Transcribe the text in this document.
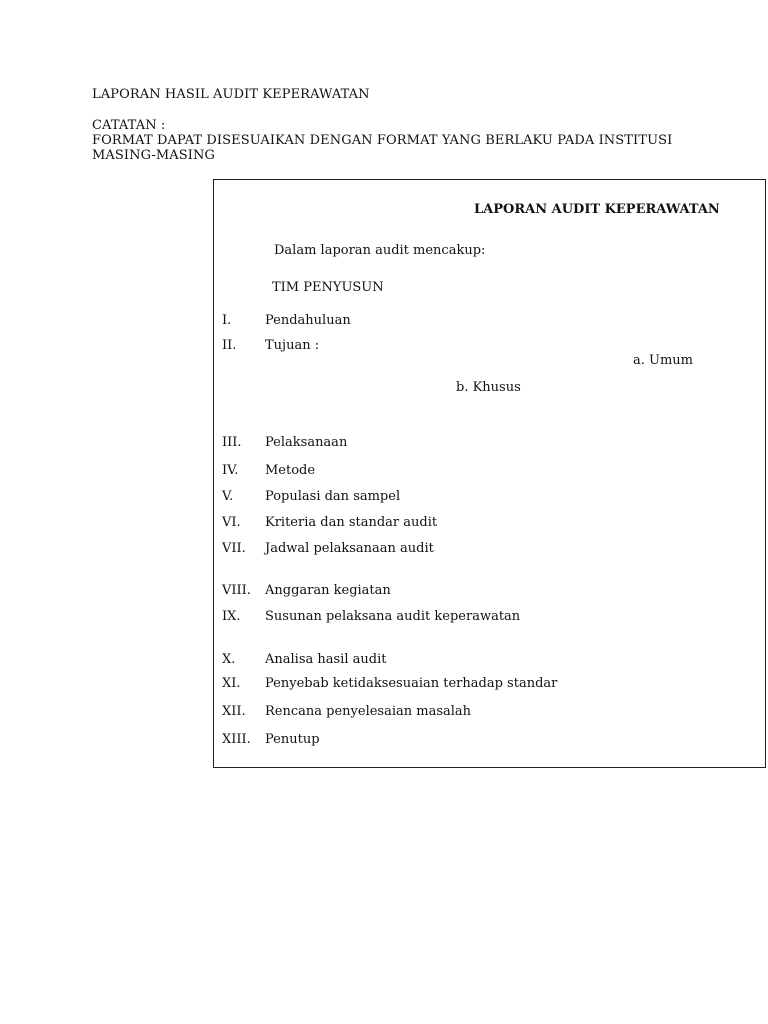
LAPORAN HASIL AUDIT KEPERAWATAN
CATATAN :
FORMAT DAPAT DISESUAIKAN DENGAN FORMAT YANG BERLAKU PADA INSTITUSI
MASING-MASING
LAPORAN AUDIT KEPERAWATAN
Dalam laporan audit mencakup:
TIM PENYUSUN
I.	Pendahuluan
II. Tujuan :
a. Umum
b. Khusus
III. Pelaksanaan
IV. Metode
V. Populasi dan sampel
VI. Kriteria dan standar audit
VII. Jadwal pelaksanaan audit
VIII. Anggaran kegiatan
IX. Susunan pelaksana audit keperawatan
X. Analisa hasil audit
XI. Penyebab ketidaksesuaian terhadap standar
XII. Rencana penyelesaian masalah
XIII. Penutup
